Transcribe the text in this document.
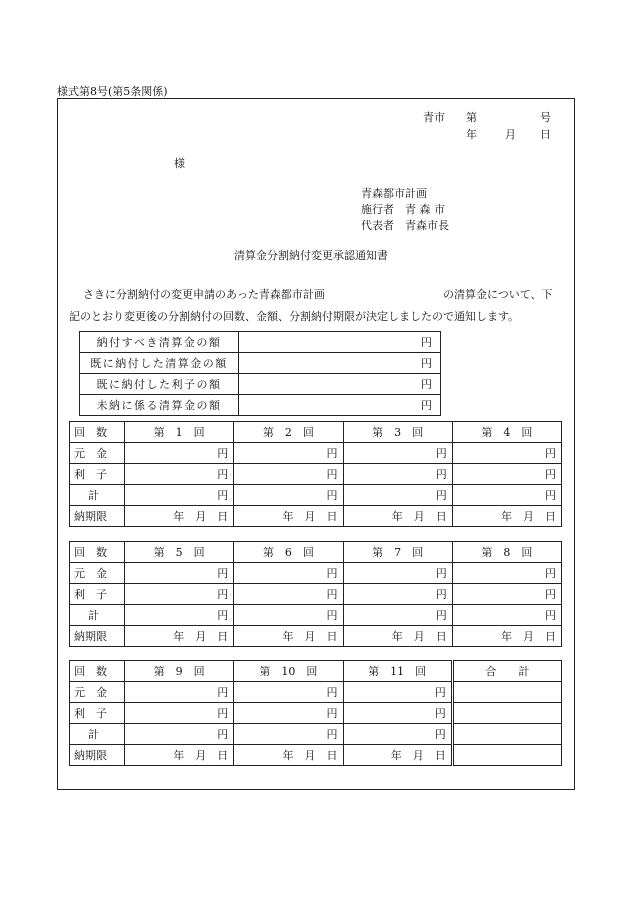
様式第8号(第5条関係)
青市 第	号
年	月 日
様
青森都市計画
施行者 青 森 市
代表者 青森市長
清算金分割納付変更承認通知書
さきに分割納付の変更申請のあった青森都市計画	の清算金について、下
記のとおり変更後の分割納付の回数、金額、分割納付期限が決定しましたので通知します。
納付すべき清算金の額	円
既に納付した清算金の額	円
既に納付した利子の額	円
未納に係る清算金の額	円
回　数	第　1　回	第　2　回	第　3　回	第　4　回
元　金	円	円	円	円
利　子	円	円	円	円
計	円	円	円	円
納期限	年　月　日	年　月　日	年　月　日	年　月　日
回　数	第　5　回	第　6　回	第　7　回	第　8　回
元　金	円	円	円	円
利　子	円	円	円	円
計	円	円	円	円
納期限	年　月　日	年　月　日	年　月　日	年　月　日
回　数	第　9　回	第　10　回	第　11　回	合　　計
元　金	円	円	円	
利　子	円	円	円	
計	円	円	円	
納期限	年　月　日	年　月　日	年　月　日	
